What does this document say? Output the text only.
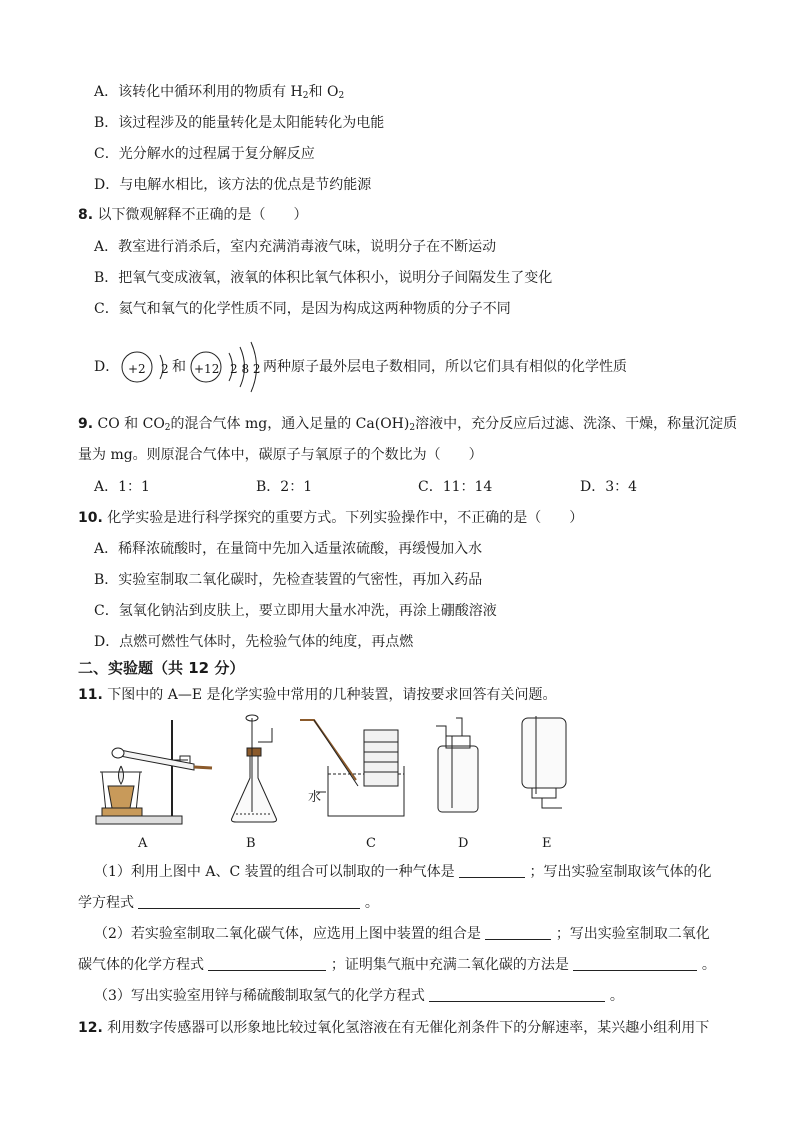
A．该转化中循环利用的物质有 $H_2$和 $O_2$
B．该过程涉及的能量转化是太阳能转化为电能
C．光分解水的过程属于复分解反应
D．与电解水相比，该方法的优点是节约能源
8. 以下微观解释不正确的是（　　）
A．教室进行消杀后，室内充满消毒液气味，说明分子在不断运动
B．把氧气变成液氧，液氧的体积比氧气体积小，说明分子间隔发生了变化
C．氦气和氧气的化学性质不同，是因为构成这两种物质的分子不同
D． +2 2 和 +12 2 8 2 两种原子最外层电子数相同，所以它们具有相似的化学性质
9. CO 和 $CO_2$的混合气体 mg，通入足量的 $Ca(OH)_2$溶液中，充分反应后过滤、洗涤、干燥，称量沉淀质
量为 mg。则原混合气体中，碳原子与氧原子的个数比为（　　）
A．1：1	B．2：1	C．11：14	D．3：4
10. 化学实验是进行科学探究的重要方式。下列实验操作中，不正确的是（　　）
A．稀释浓硫酸时，在量筒中先加入适量浓硫酸，再缓慢加入水
B．实验室制取二氧化碳时，先检查装置的气密性，再加入药品
C．氢氧化钠沾到皮肤上，要立即用大量水冲洗，再涂上硼酸溶液
D．点燃可燃性气体时，先检验气体的纯度，再点燃
二、实验题（共 12 分）
11. 下图中的 A—E 是化学实验中常用的几种装置，请按要求回答有关问题。
水
A	B	C	D	E
（1）利用上图中 A、C 装置的组合可以制取的一种气体是	；写出实验室制取该气体的化
学方程式	。
（2）若实验室制取二氧化碳气体，应选用上图中装置的组合是	；写出实验室制取二氧化
碳气体的化学方程式	；证明集气瓶中充满二氧化碳的方法是	。
（3）写出实验室用锌与稀硫酸制取氢气的化学方程式	。
12. 利用数字传感器可以形象地比较过氧化氢溶液在有无催化剂条件下的分解速率，某兴趣小组利用下
